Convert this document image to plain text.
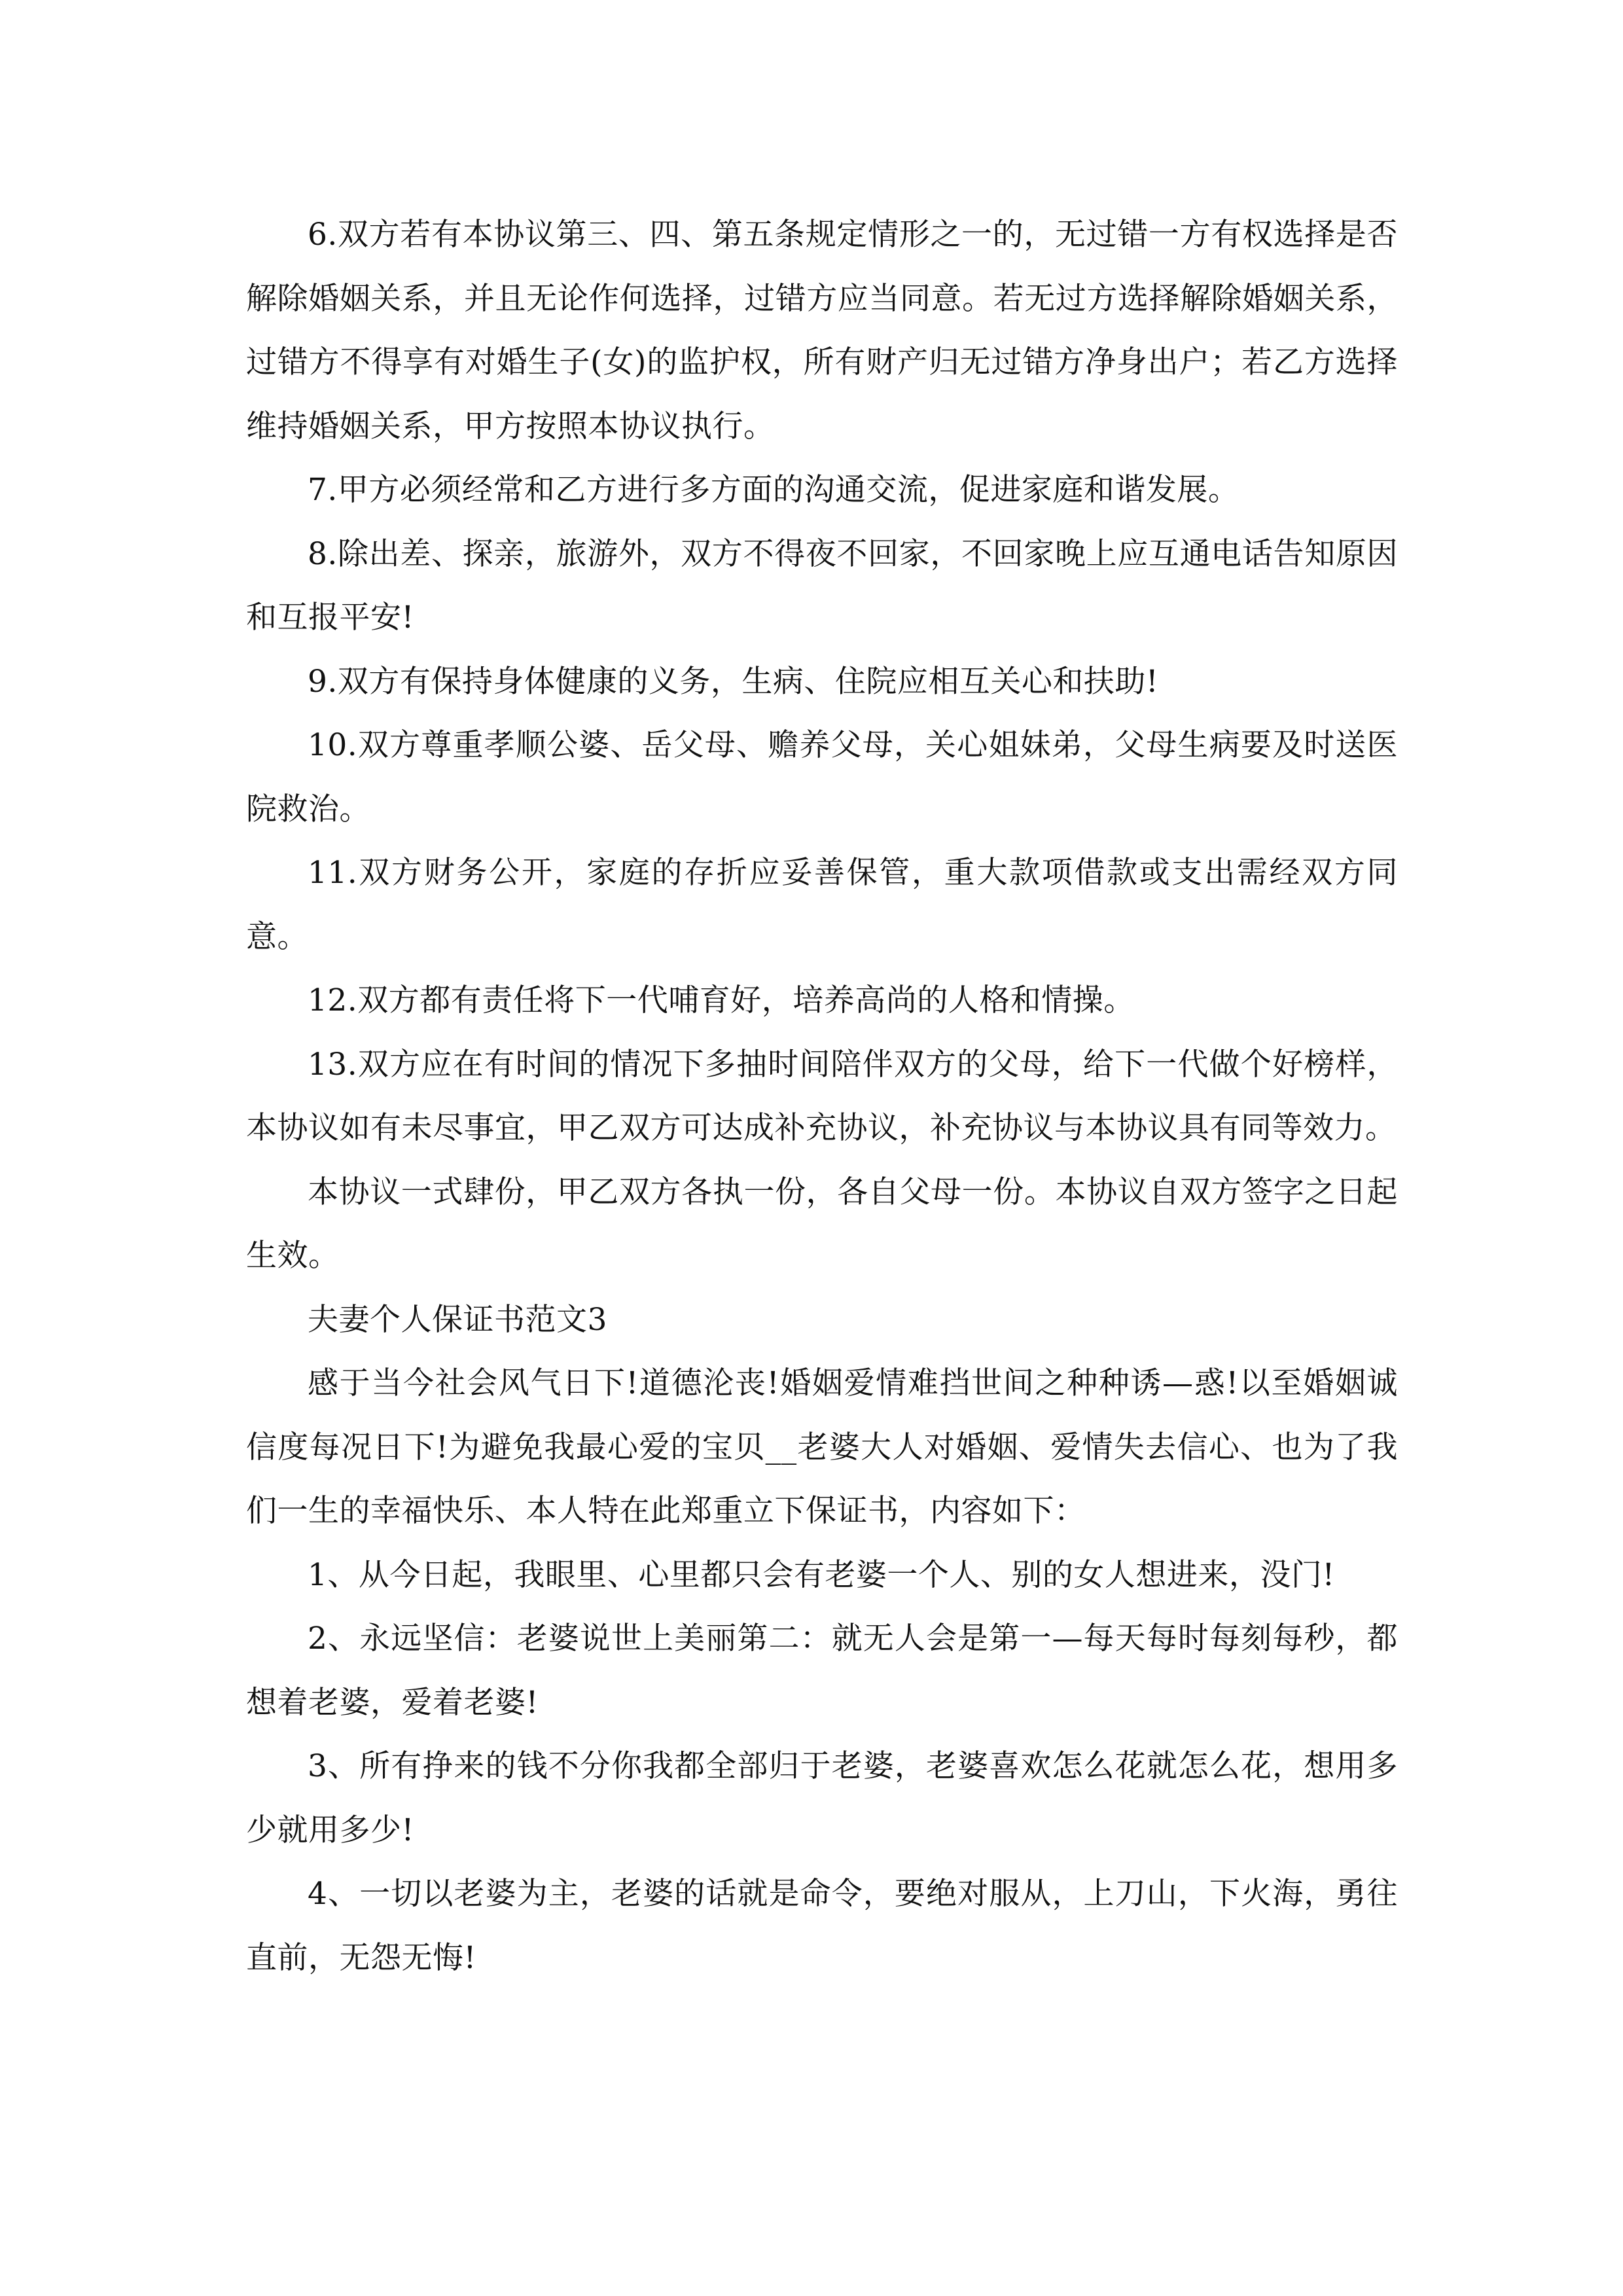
6.双方若有本协议第三、四、第五条规定情形之一的，无过错一方有权选择是否解除婚姻关系，并且无论作何选择，过错方应当同意。若无过方选择解除婚姻关系，过错方不得享有对婚生子(女)的监护权，所有财产归无过错方净身出户；若乙方选择维持婚姻关系，甲方按照本协议执行。

7.甲方必须经常和乙方进行多方面的沟通交流，促进家庭和谐发展。

8.除出差、探亲，旅游外，双方不得夜不回家，不回家晚上应互通电话告知原因和互报平安!

9.双方有保持身体健康的义务，生病、住院应相互关心和扶助!

10.双方尊重孝顺公婆、岳父母、赡养父母，关心姐妹弟，父母生病要及时送医院救治。

11.双方财务公开，家庭的存折应妥善保管，重大款项借款或支出需经双方同意。

12.双方都有责任将下一代哺育好，培养高尚的人格和情操。

13.双方应在有时间的情况下多抽时间陪伴双方的父母，给下一代做个好榜样，本协议如有未尽事宜，甲乙双方可达成补充协议，补充协议与本协议具有同等效力。

本协议一式肆份，甲乙双方各执一份，各自父母一份。本协议自双方签字之日起生效。

夫妻个人保证书范文3

感于当今社会风气日下!道德沦丧!婚姻爱情难挡世间之种种诱—惑!以至婚姻诚信度每况日下!为避免我最心爱的宝贝__老婆大人对婚姻、爱情失去信心、也为了我们一生的幸福快乐、本人特在此郑重立下保证书，内容如下：

1、从今日起，我眼里、心里都只会有老婆一个人、别的女人想进来，没门!

2、永远坚信：老婆说世上美丽第二：就无人会是第一—每天每时每刻每秒，都想着老婆，爱着老婆!

3、所有挣来的钱不分你我都全部归于老婆，老婆喜欢怎么花就怎么花，想用多少就用多少!

4、一切以老婆为主，老婆的话就是命令，要绝对服从，上刀山，下火海，勇往直前，无怨无悔!
